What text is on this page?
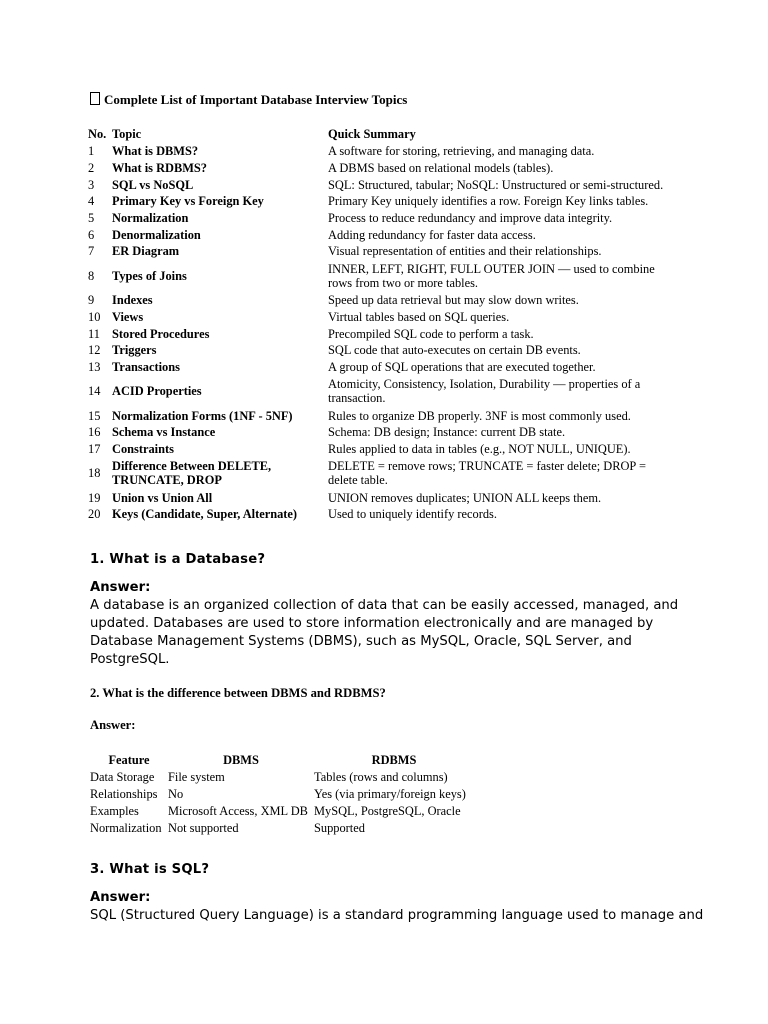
Complete List of Important Database Interview Topics
No.	Topic	Quick Summary
1	What is DBMS?	A software for storing, retrieving, and managing data.
2	What is RDBMS?	A DBMS based on relational models (tables).
3	SQL vs NoSQL	SQL: Structured, tabular; NoSQL: Unstructured or semi-structured.
4	Primary Key vs Foreign Key	Primary Key uniquely identifies a row. Foreign Key links tables.
5	Normalization	Process to reduce redundancy and improve data integrity.
6	Denormalization	Adding redundancy for faster data access.
7	ER Diagram	Visual representation of entities and their relationships.
8	Types of Joins	INNER, LEFT, RIGHT, FULL OUTER JOIN — used to combine rows from two or more tables.
9	Indexes	Speed up data retrieval but may slow down writes.
10	Views	Virtual tables based on SQL queries.
11	Stored Procedures	Precompiled SQL code to perform a task.
12	Triggers	SQL code that auto-executes on certain DB events.
13	Transactions	A group of SQL operations that are executed together.
14	ACID Properties	Atomicity, Consistency, Isolation, Durability — properties of a transaction.
15	Normalization Forms (1NF - 5NF)	Rules to organize DB properly. 3NF is most commonly used.
16	Schema vs Instance	Schema: DB design; Instance: current DB state.
17	Constraints	Rules applied to data in tables (e.g., NOT NULL, UNIQUE).
18	Difference Between DELETE, TRUNCATE, DROP	DELETE = remove rows; TRUNCATE = faster delete; DROP = delete table.
19	Union vs Union All	UNION removes duplicates; UNION ALL keeps them.
20	Keys (Candidate, Super, Alternate)	Used to uniquely identify records.
1. What is a Database?
Answer:
A database is an organized collection of data that can be easily accessed, managed, and updated. Databases are used to store information electronically and are managed by Database Management Systems (DBMS), such as MySQL, Oracle, SQL Server, and PostgreSQL.
2. What is the difference between DBMS and RDBMS?
Answer:
Feature	DBMS	RDBMS
Data Storage	File system	Tables (rows and columns)
Relationships	No	Yes (via primary/foreign keys)
Examples	Microsoft Access, XML DB	MySQL, PostgreSQL, Oracle
Normalization	Not supported	Supported
3. What is SQL?
Answer:
SQL (Structured Query Language) is a standard programming language used to manage and
